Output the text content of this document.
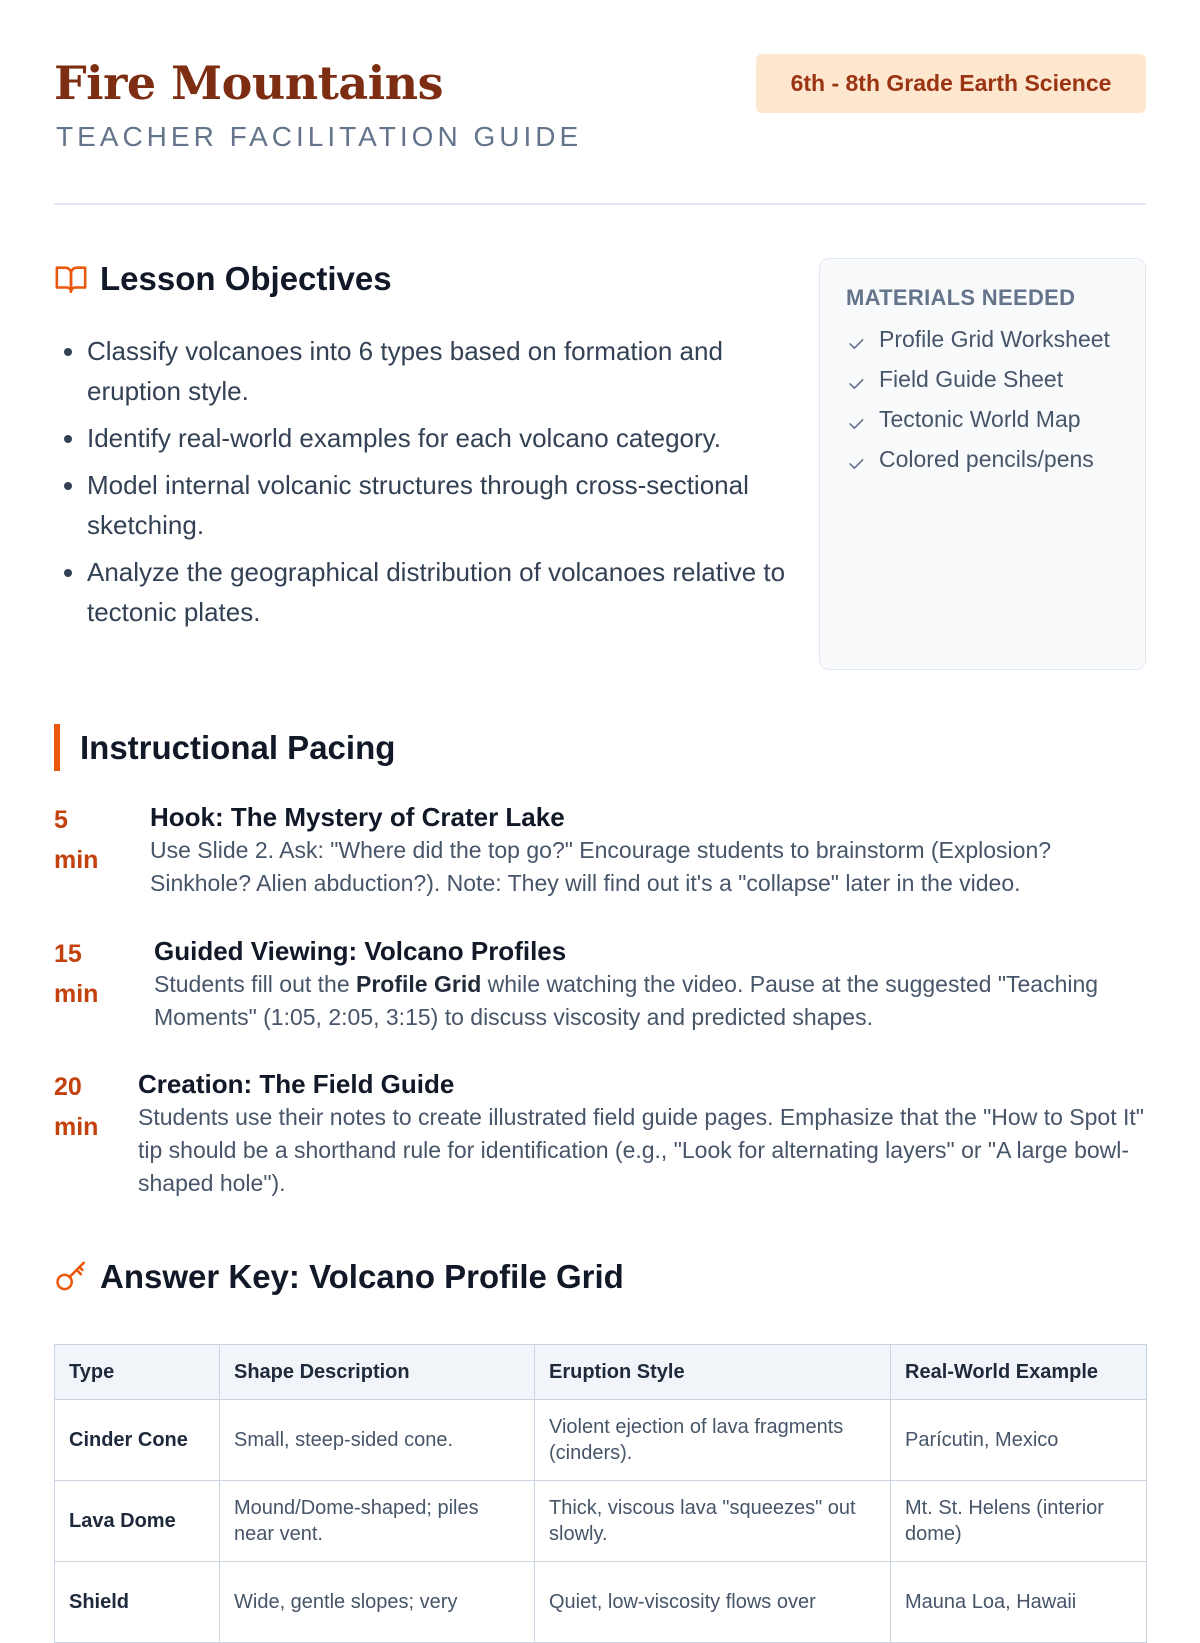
Fire Mountains
TEACHER FACILITATION GUIDE
6th - 8th Grade Earth Science
Lesson Objectives
• Classify volcanoes into 6 types based on formation and eruption style.
• Identify real-world examples for each volcano category.
• Model internal volcanic structures through cross-sectional sketching.
• Analyze the geographical distribution of volcanoes relative to tectonic plates.
MATERIALS NEEDED
Profile Grid Worksheet
Field Guide Sheet
Tectonic World Map
Colored pencils/pens
Instructional Pacing
5
min
Hook: The Mystery of Crater Lake
Use Slide 2. Ask: "Where did the top go?" Encourage students to brainstorm (Explosion? Sinkhole? Alien abduction?). Note: They will find out it's a "collapse" later in the video.
15
min
Guided Viewing: Volcano Profiles
Students fill out the Profile Grid while watching the video. Pause at the suggested "Teaching Moments" (1:05, 2:05, 3:15) to discuss viscosity and predicted shapes.
20
min
Creation: The Field Guide
Students use their notes to create illustrated field guide pages. Emphasize that the "How to Spot It" tip should be a shorthand rule for identification (e.g., "Look for alternating layers" or "A large bowl-shaped hole").
Answer Key: Volcano Profile Grid
Type	Shape Description	Eruption Style	Real-World Example
Cinder Cone	Small, steep-sided cone.	Violent ejection of lava fragments (cinders).	Parícutin, Mexico
Lava Dome	Mound/Dome-shaped; piles near vent.	Thick, viscous lava "squeezes" out slowly.	Mt. St. Helens (interior dome)
Shield	Wide, gentle slopes; very	Quiet, low-viscosity flows over	Mauna Loa, Hawaii
